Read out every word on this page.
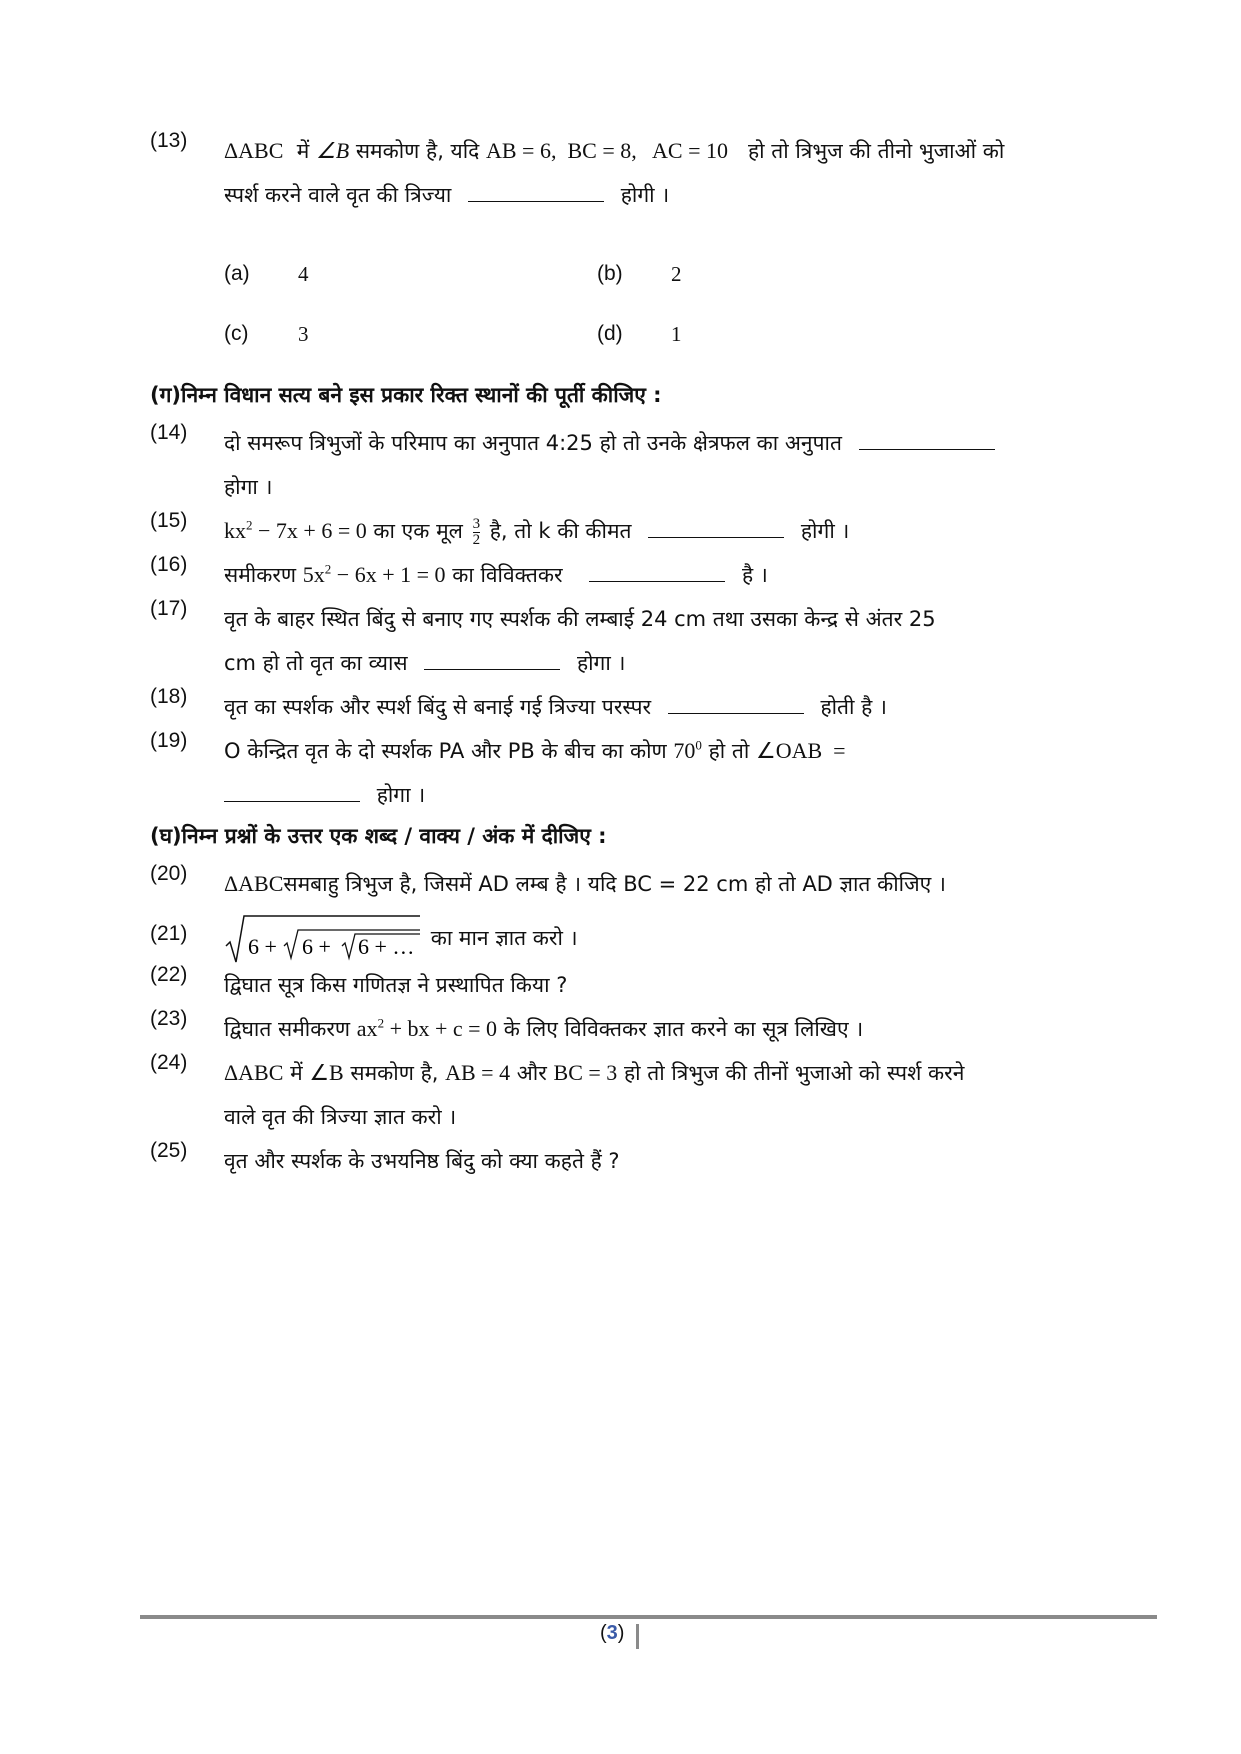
(13)	ΔABC में ∠B समकोण है, यदि AB = 6,  BC = 8,   AC = 10 हो तो त्रिभुज की तीनो भुजाओं को
स्पर्श करने वाले वृत की त्रिज्या	होगी ।
(a) 4	(b) 2
(c) 3	(d) 1
(ग)निम्न विधान सत्य बने इस प्रकार रिक्त स्थानों की पूर्ती कीजिए :
(14)	दो समरूप त्रिभुजों के परिमाप का अनुपात 4:25 हो तो उनके क्षेत्रफल का अनुपात
होगा ।
(15)	$kx^2 - 7x + 6 = 0$ का एक मूल $\frac{3}{2}$ है, तो k की कीमत	होगी ।
(16)	समीकरण $5x^2 - 6x + 1 = 0$ का विविक्तकर	है ।
(17)	वृत के बाहर स्थित बिंदु से बनाए गए स्पर्शक की लम्बाई 24 cm तथा उसका केन्द्र से अंतर 25
cm हो तो वृत का व्यास	होगा ।
(18)	वृत का स्पर्शक और स्पर्श बिंदु से बनाई गई त्रिज्या परस्पर	होती है ।
(19)	O केन्द्रित वृत के दो स्पर्शक PA और PB के बीच का कोण $70^0$ हो तो ∠OAB  =
होगा ।
(घ)निम्न प्रश्नों के उत्तर एक शब्द / वाक्य / अंक में दीजिए :
(20)	ΔABCसमबाहु त्रिभुज है, जिसमें AD लम्ब है । यदि BC = 22 cm हो तो AD ज्ञात कीजिए ।
(21)
6 + 6 + 6 + … का मान ज्ञात करो ।
(22)	द्विघात सूत्र किस गणितज्ञ ने प्रस्थापित किया ?
(23)	द्विघात समीकरण $ax^2$ + bx + c = 0 के लिए विविक्तकर ज्ञात करने का सूत्र लिखिए ।
(24)	ΔABC में ∠B समकोण है, AB = 4 और BC = 3 हो तो त्रिभुज की तीनों भुजाओ को स्पर्श करने
वाले वृत की त्रिज्या ज्ञात करो ।
(25)	वृत और स्पर्शक के उभयनिष्ठ बिंदु को क्या कहते हैं ?
(3)
